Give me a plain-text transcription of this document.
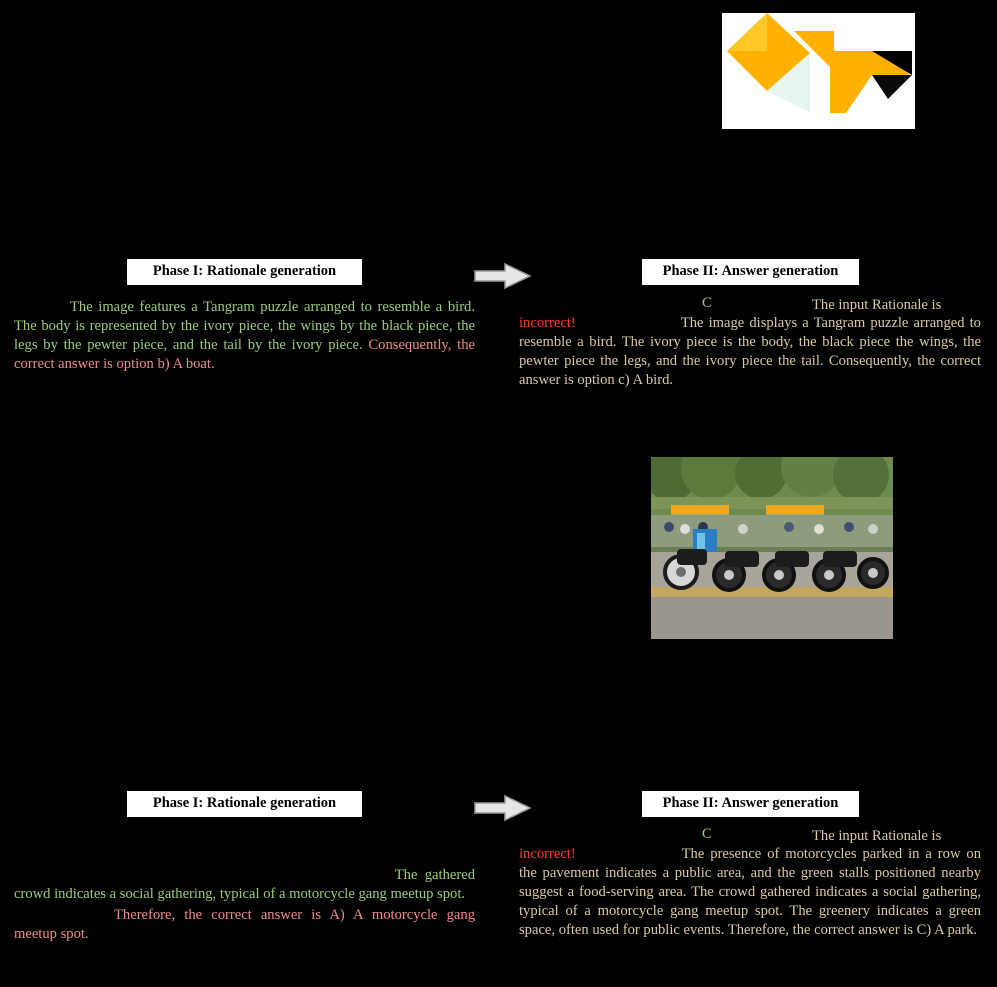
Phase I: Rationale generation	Phase II: Answer generation
The image features a Tangram puzzle arranged to resemble a bird. The body is represented by the ivory piece, the wings by the black piece, the legs by the pewter piece, and the tail by the ivory piece. Consequently, the correct answer is option b) A boat.
C	The input Rationale is
incorrect!	The image displays a Tangram puzzle arranged to resemble a bird. The ivory piece is the body, the black piece the wings, the pewter piece the legs, and the ivory piece the tail. Consequently, the correct answer is option c) A bird.
Phase I: Rationale generation	Phase II: Answer generation
The  gathered
crowd indicates a social gathering, typical of a motorcycle gang meetup spot.
Therefore, the correct answer is A) A motorcycle gang meetup spot.
C	The input Rationale is
incorrect!	The presence of motorcycles parked in a row on the pavement indicates a public area, and the green stalls positioned nearby suggest a food-serving area. The crowd gathered indicates a social gathering, typical of a motorcycle gang meetup spot. The greenery indicates a green space, often used for public events. Therefore, the correct answer is C) A park.
